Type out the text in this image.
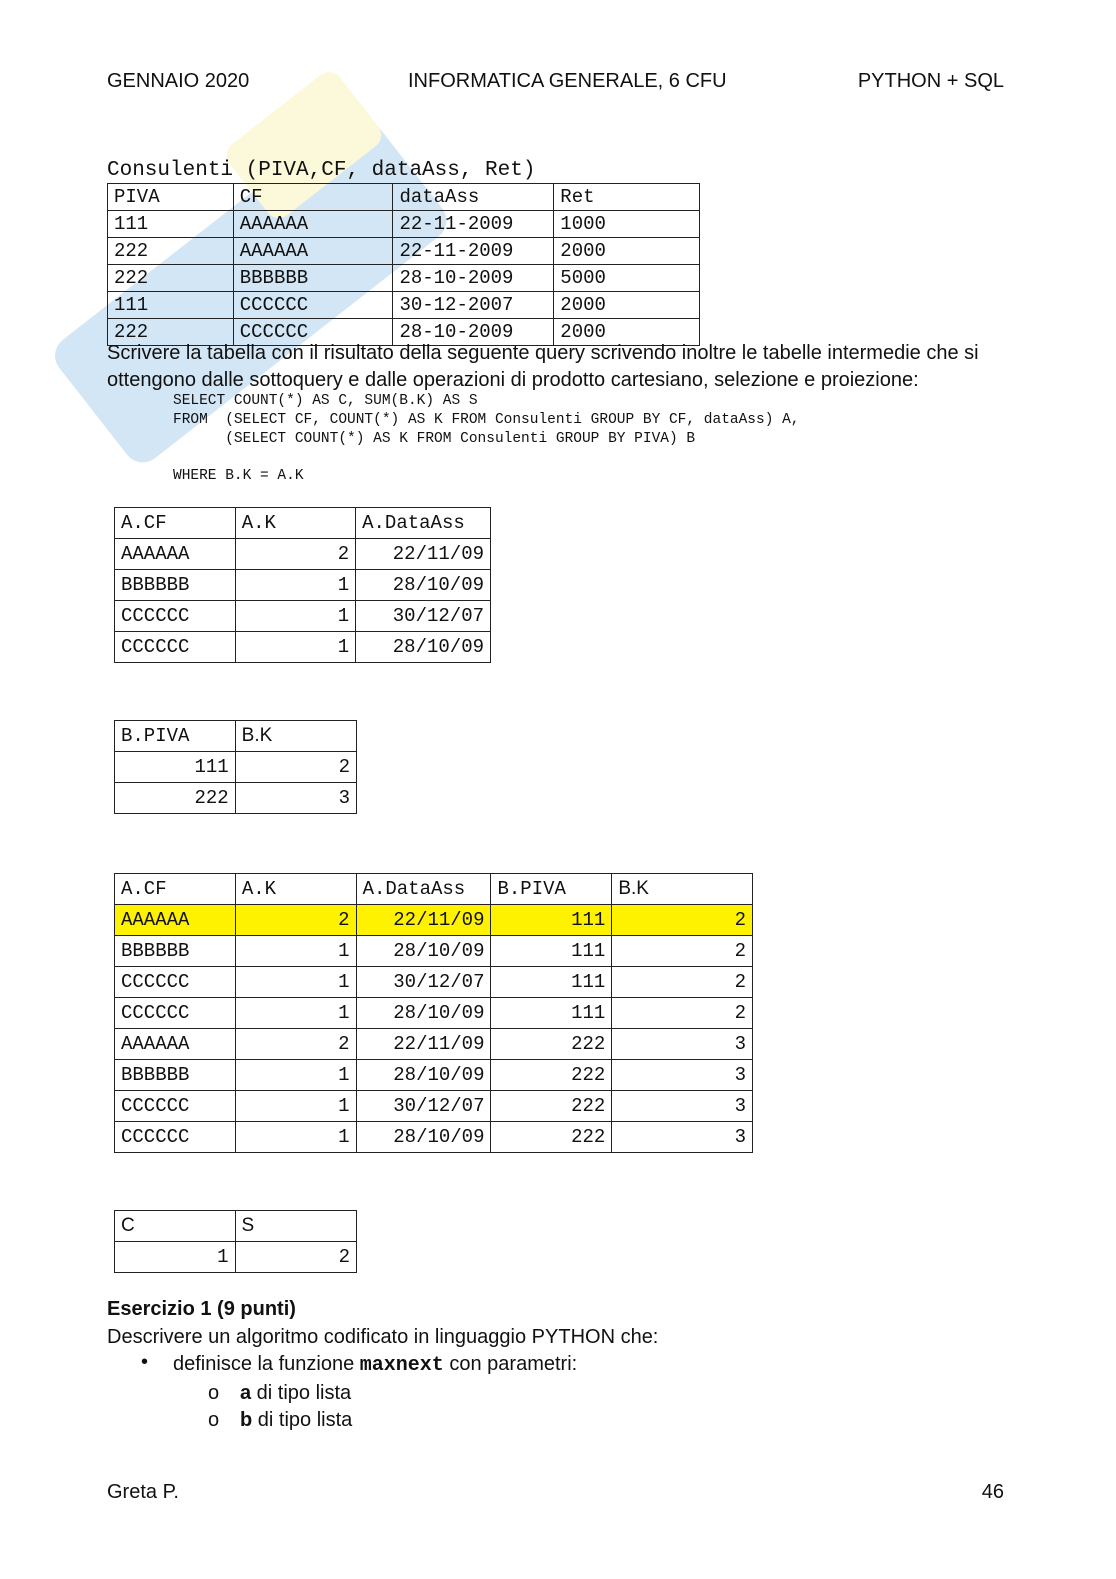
GENNAIO 2020	INFORMATICA GENERALE, 6 CFU	PYTHON + SQL
Consulenti (PIVA,CF, dataAss, Ret)
PIVA	CF	dataAss	Ret
111	AAAAAA	22-11-2009	1000
222	AAAAAA	22-11-2009	2000
222	BBBBBB	28-10-2009	5000
111	CCCCCC	30-12-2007	2000
222	CCCCCC	28-10-2009	2000
Scrivere la tabella con il risultato della seguente query scrivendo inoltre le tabelle intermedie che si
ottengono dalle sottoquery e dalle operazioni di prodotto cartesiano, selezione e proiezione:
SELECT COUNT(*) AS C, SUM(B.K) AS S
FROM  (SELECT CF, COUNT(*) AS K FROM Consulenti GROUP BY CF, dataAss) A,
(SELECT COUNT(*) AS K FROM Consulenti GROUP BY PIVA) B
WHERE B.K = A.K
A.CF	A.K	A.DataAss
AAAAAA	2	22/11/09
BBBBBB	1	28/10/09
CCCCCC	1	30/12/07
CCCCCC	1	28/10/09
B.PIVA	B.K
111	2
222	3
A.CF	A.K	A.DataAss	B.PIVA	B.K
AAAAAA	2	22/11/09	111	2
BBBBBB	1	28/10/09	111	2
CCCCCC	1	30/12/07	111	2
CCCCCC	1	28/10/09	111	2
AAAAAA	2	22/11/09	222	3
BBBBBB	1	28/10/09	222	3
CCCCCC	1	30/12/07	222	3
CCCCCC	1	28/10/09	222	3
C	S
1	2
Esercizio 1 (9 punti)
Descrivere un algoritmo codificato in linguaggio PYTHON che:
• definisce la funzione maxnext con parametri:
o a di tipo lista
o b di tipo lista
Greta P.	46
